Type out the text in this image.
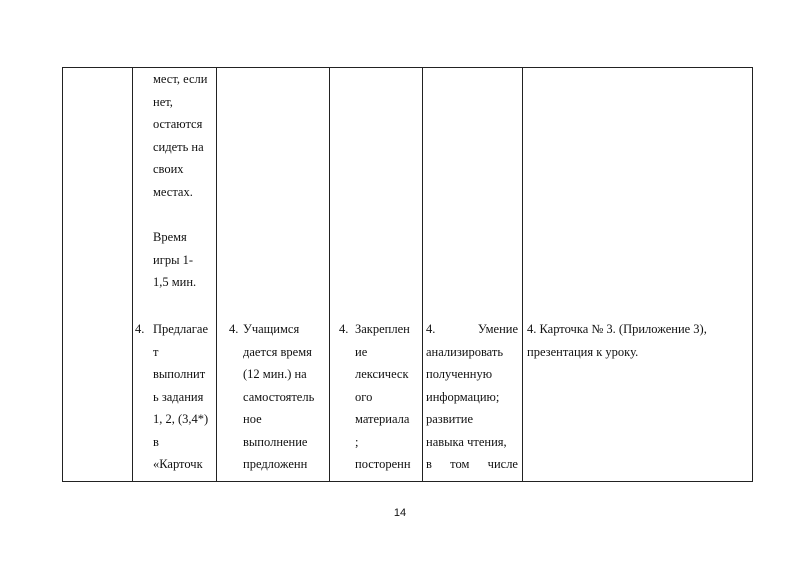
мест, если
нет,
остаются
сидеть на
своих
местах.
Время
игры 1-
1,5 мин.
4. Предлагае
т
выполнит
ь задания
1, 2, (3,4*)
в
«Карточк
4. Учащимся
дается время
(12 мин.) на
самостоятель
ное
выполнение
предложенн
4. Закреплен
ие
лексическ
ого
материала
;
посторенн
4.	Умение
анализировать
полученную
информацию;
развитие
навыка чтения,
в том числе
4. Карточка № 3. (Приложение 3),
презентация к уроку.
14
